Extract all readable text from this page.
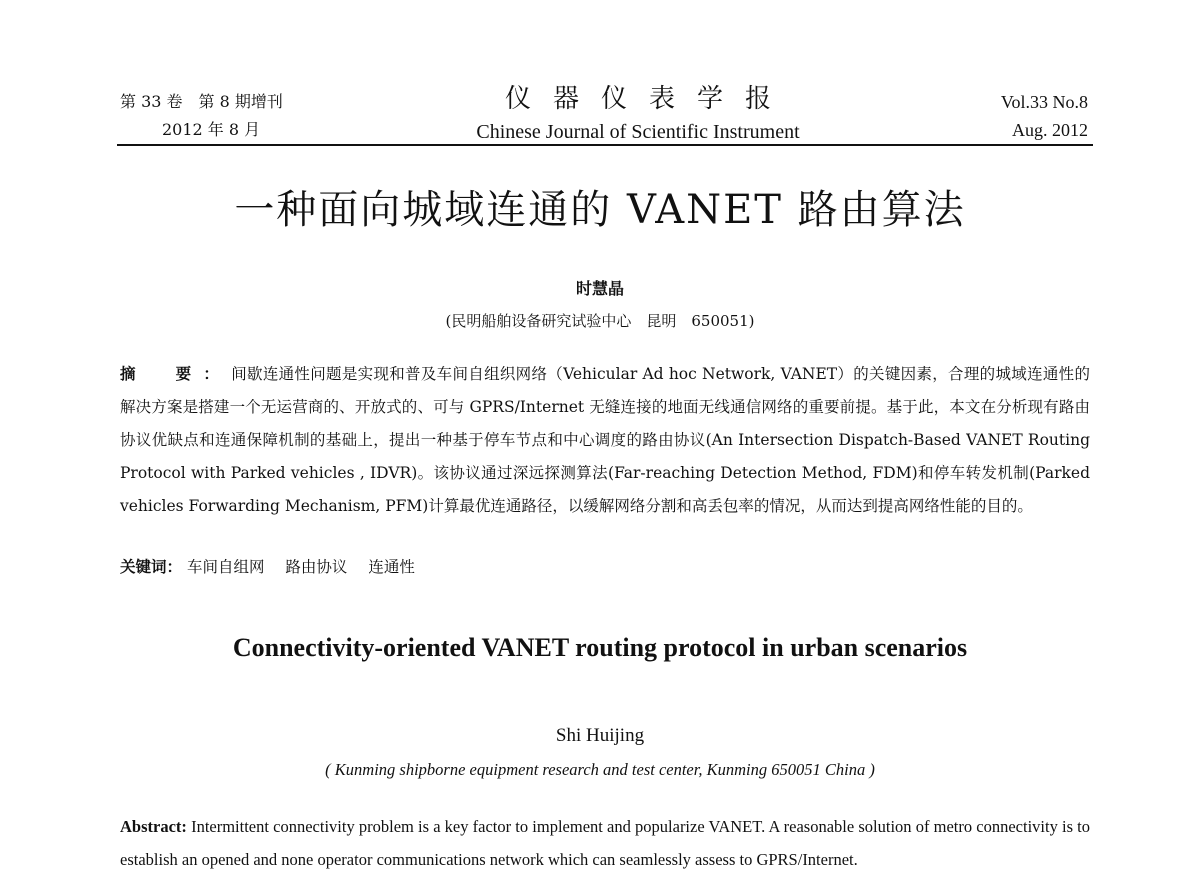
第 33 卷　第 8 期增刊
2012 年 8 月
仪器仪表学报
Chinese Journal of Scientific Instrument
Vol.33 No.8
Aug. 2012
一种面向城域连通的 VANET 路由算法
时慧晶
(民明船舶设备研究试验中心　昆明　650051)
摘　要：间歇连通性问题是实现和普及车间自组织网络（Vehicular Ad hoc Network, VANET）的关键因素，合理的城域连通性的解决方案是搭建一个无运营商的、开放式的、可与 GPRS/Internet 无缝连接的地面无线通信网络的重要前提。基于此，本文在分析现有路由协议优缺点和连通保障机制的基础上，提出一种基于停车节点和中心调度的路由协议(An Intersection Dispatch-Based VANET Routing Protocol with Parked vehicles , IDVR)。该协议通过深远探测算法(Far-reaching Detection Method, FDM)和停车转发机制(Parked vehicles Forwarding Mechanism, PFM)计算最优连通路径，以缓解网络分割和高丢包率的情况，从而达到提高网络性能的目的。
关键词： 车间自组网 路由协议 连通性
Connectivity-oriented VANET routing protocol in urban scenarios
Shi Huijing
( Kunming shipborne equipment research and test center, Kunming 650051 China )
Abstract: Intermittent connectivity problem is a key factor to implement and popularize VANET. A reasonable solution of metro connectivity is to establish an opened and none operator communications network which can seamlessly assess to GPRS/Internet.
